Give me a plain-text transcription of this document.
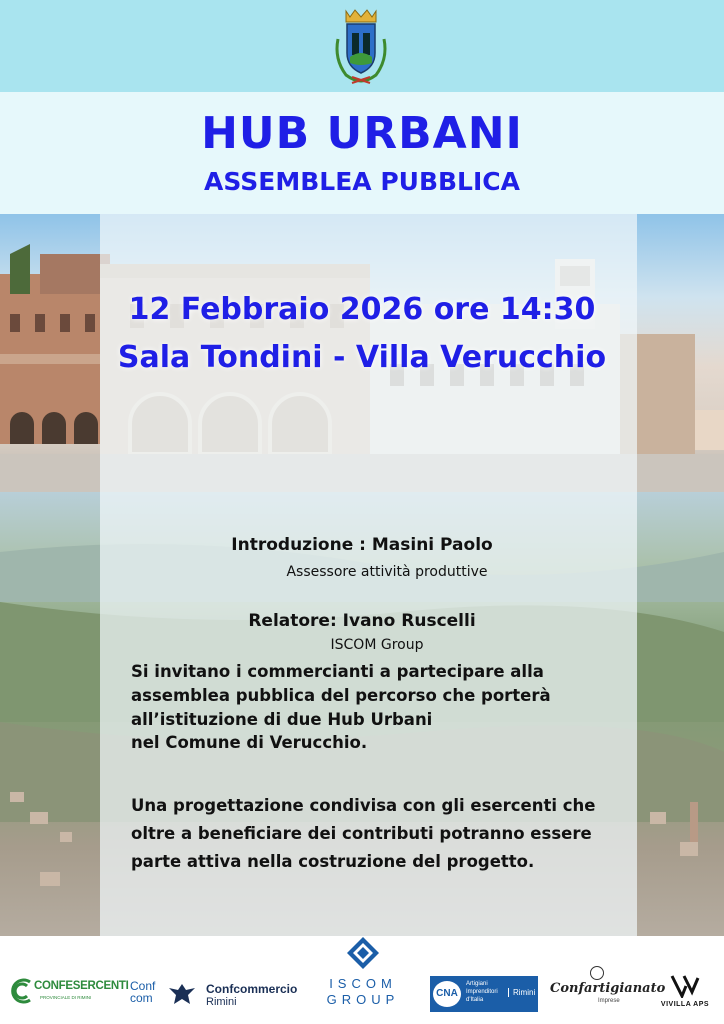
HUB URBANI
ASSEMBLEA PUBBLICA
12 Febbraio 2026 ore 14:30
Sala Tondini - Villa Verucchio
Introduzione : Masini Paolo
Assessore attività produttive
Relatore: Ivano Ruscelli
ISCOM Group
Si invitano i commercianti a partecipare alla
assemblea pubblica del percorso che porterà
all’istituzione di due Hub Urbani
nel Comune di Verucchio.
Una progettazione condivisa con gli esercenti che
oltre a beneficiare dei contributi potranno essere
parte attiva nella costruzione del progetto.
CONFESERCENTI
PROVINCIALE DI RIMINI
Conf
com
Confcommercio
Rimini
ISCOM
GROUP	CNA
Artigiani
Imprenditori
d'Italia
Rimini Confartigianato
Imprese	VIVILLA APS
